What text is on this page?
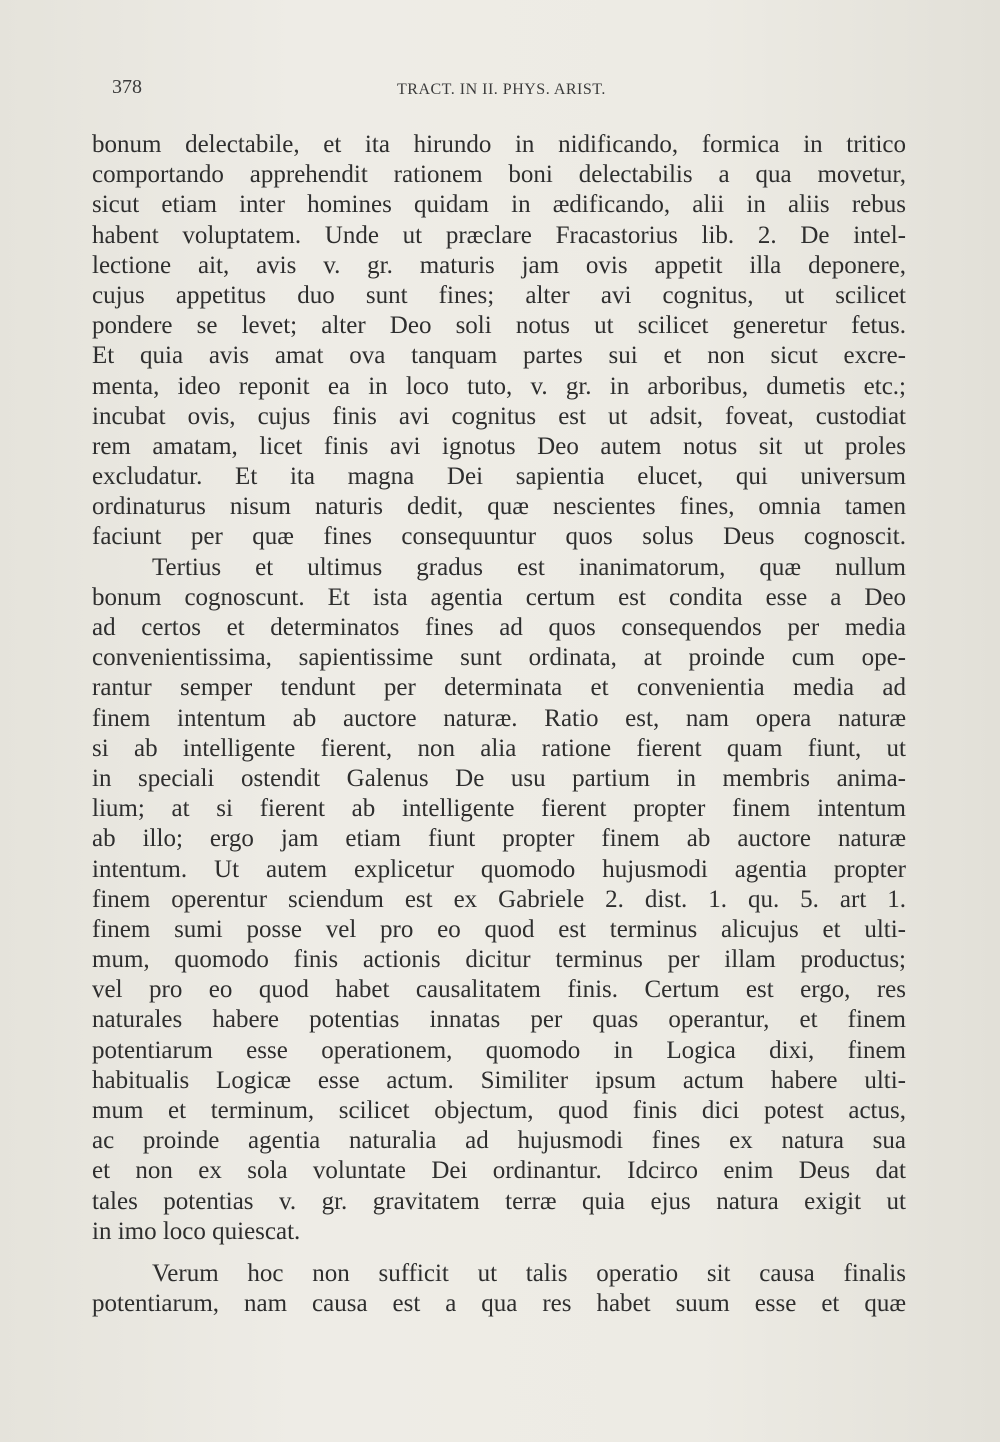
378	TRACT. IN II. PHYS. ARIST.
bonum delectabile, et ita hirundo in nidificando, formica in tritico
comportando apprehendit rationem boni delectabilis a qua movetur,
sicut etiam inter homines quidam in ædificando, alii in aliis rebus
habent voluptatem. Unde ut præclare Fracastorius lib. 2. De intel-
lectione ait, avis v. gr. maturis jam ovis appetit illa deponere,
cujus appetitus duo sunt fines; alter avi cognitus, ut scilicet
pondere se levet; alter Deo soli notus ut scilicet generetur fetus.
Et quia avis amat ova tanquam partes sui et non sicut excre-
menta, ideo reponit ea in loco tuto, v. gr. in arboribus, dumetis etc.;
incubat ovis, cujus finis avi cognitus est ut adsit, foveat, custodiat
rem amatam, licet finis avi ignotus Deo autem notus sit ut proles
excludatur. Et ita magna Dei sapientia elucet, qui universum
ordinaturus nisum naturis dedit, quæ nescientes fines, omnia tamen
faciunt per quæ fines consequuntur quos solus Deus cognoscit.
Tertius et ultimus gradus est inanimatorum, quæ nullum
bonum cognoscunt. Et ista agentia certum est condita esse a Deo
ad certos et determinatos fines ad quos consequendos per media
convenientissima, sapientissime sunt ordinata, at proinde cum ope-
rantur semper tendunt per determinata et convenientia media ad
finem intentum ab auctore naturæ. Ratio est, nam opera naturæ
si ab intelligente fierent, non alia ratione fierent quam fiunt, ut
in speciali ostendit Galenus De usu partium in membris anima-
lium; at si fierent ab intelligente fierent propter finem intentum
ab illo; ergo jam etiam fiunt propter finem ab auctore naturæ
intentum. Ut autem explicetur quomodo hujusmodi agentia propter
finem operentur sciendum est ex Gabriele 2. dist. 1. qu. 5. art 1.
finem sumi posse vel pro eo quod est terminus alicujus et ulti-
mum, quomodo finis actionis dicitur terminus per illam productus;
vel pro eo quod habet causalitatem finis. Certum est ergo, res
naturales habere potentias innatas per quas operantur, et finem
potentiarum esse operationem, quomodo in Logica dixi, finem
habitualis Logicæ esse actum. Similiter ipsum actum habere ulti-
mum et terminum, scilicet objectum, quod finis dici potest actus,
ac proinde agentia naturalia ad hujusmodi fines ex natura sua
et non ex sola voluntate Dei ordinantur. Idcirco enim Deus dat
tales potentias v. gr. gravitatem terræ quia ejus natura exigit ut
in imo loco quiescat.
Verum hoc non sufficit ut talis operatio sit causa finalis
potentiarum, nam causa est a qua res habet suum esse et quæ
